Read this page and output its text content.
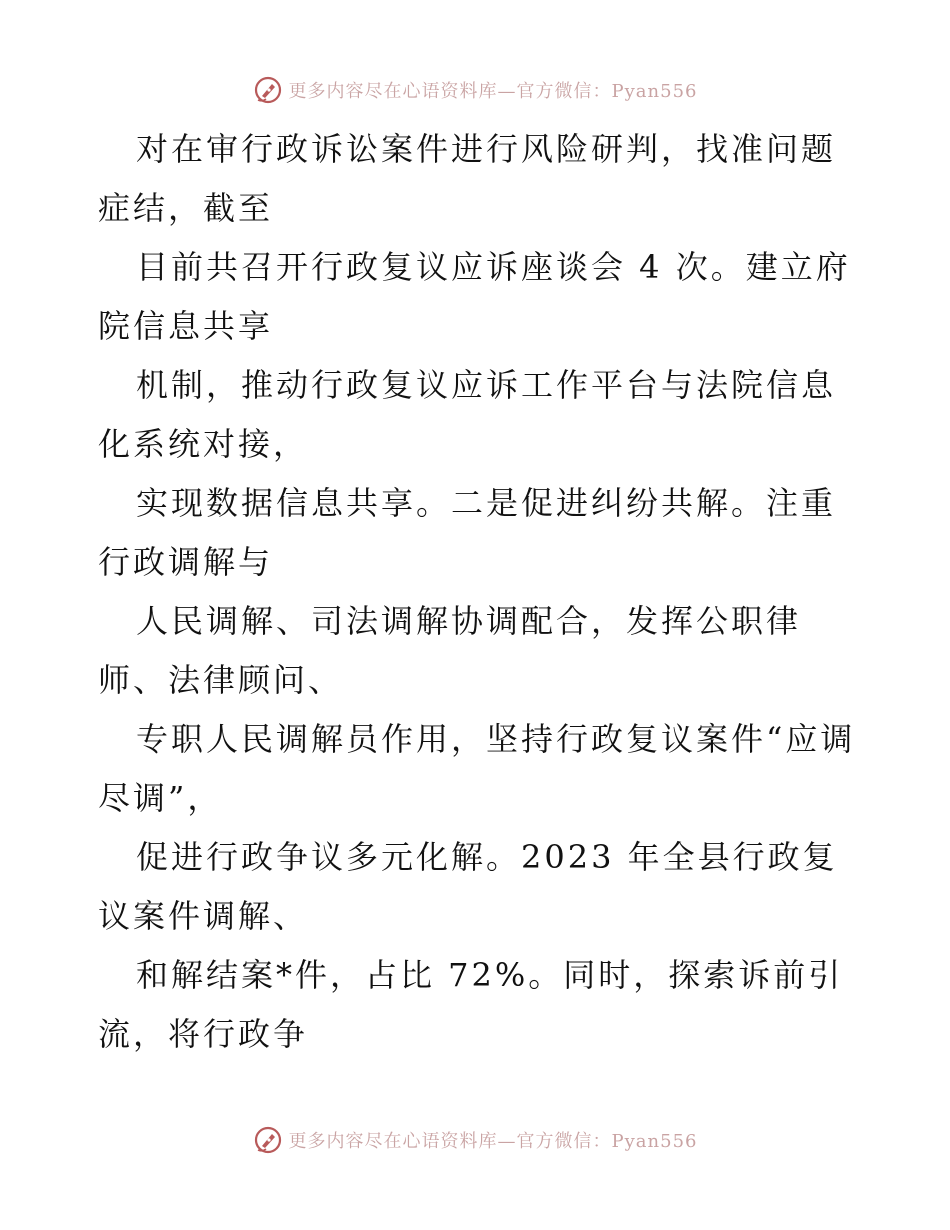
更多内容尽在心语资料库—官方微信：Pyan556

对在审行政诉讼案件进行风险研判，找准问题症结，截至

目前共召开行政复议应诉座谈会 4 次。建立府院信息共享

机制，推动行政复议应诉工作平台与法院信息化系统对接，

实现数据信息共享。二是促进纠纷共解。注重行政调解与

人民调解、司法调解协调配合，发挥公职律师、法律顾问、

专职人民调解员作用，坚持行政复议案件“应调尽调”，

促进行政争议多元化解。2023 年全县行政复议案件调解、

和解结案*件，占比 72%。同时，探索诉前引流，将行政争

更多内容尽在心语资料库—官方微信：Pyan556
